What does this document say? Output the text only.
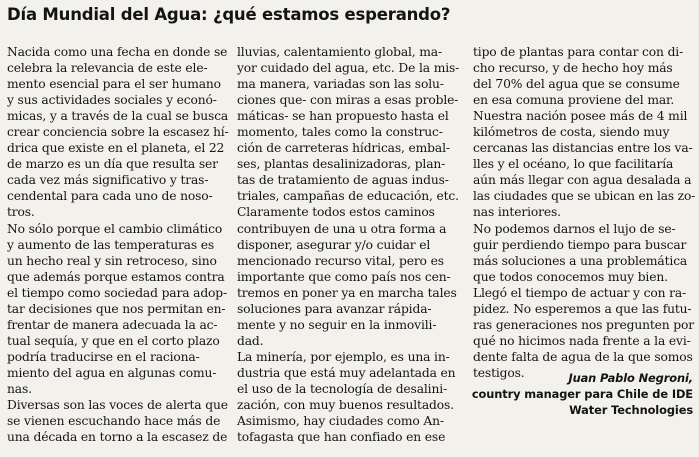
Día Mundial del Agua: ¿qué estamos esperando?
Nacida como una fecha en donde se
celebra la relevancia de este ele-
mento esencial para el ser humano
y sus actividades sociales y econó-
micas, y a través de la cual se busca
crear conciencia sobre la escasez hí-
drica que existe en el planeta, el 22
de marzo es un día que resulta ser
cada vez más significativo y tras-
cendental para cada uno de noso-
tros.
No sólo porque el cambio climático
y aumento de las temperaturas es
un hecho real y sin retroceso, sino
que además porque estamos contra
el tiempo como sociedad para adop-
tar decisiones que nos permitan en-
frentar de manera adecuada la ac-
tual sequía, y que en el corto plazo
podría traducirse en el raciona-
miento del agua en algunas comu-
nas.
Diversas son las voces de alerta que
se vienen escuchando hace más de
una década en torno a la escasez de
lluvias, calentamiento global, ma-
yor cuidado del agua, etc. De la mis-
ma manera, variadas son las solu-
ciones que- con miras a esas proble-
máticas- se han propuesto hasta el
momento, tales como la construc-
ción de carreteras hídricas, embal-
ses, plantas desalinizadoras, plan-
tas de tratamiento de aguas indus-
triales, campañas de educación, etc.
Claramente todos estos caminos
contribuyen de una u otra forma a
disponer, asegurar y/o cuidar el
mencionado recurso vital, pero es
importante que como país nos cen-
tremos en poner ya en marcha tales
soluciones para avanzar rápida-
mente y no seguir en la inmovili-
dad.
La minería, por ejemplo, es una in-
dustria que está muy adelantada en
el uso de la tecnología de desalini-
zación, con muy buenos resultados.
Asimismo, hay ciudades como An-
tofagasta que han confiado en ese
tipo de plantas para contar con di-
cho recurso, y de hecho hoy más
del 70% del agua que se consume
en esa comuna proviene del mar.
Nuestra nación posee más de 4 mil
kilómetros de costa, siendo muy
cercanas las distancias entre los va-
lles y el océano, lo que facilitaría
aún más llegar con agua desalada a
las ciudades que se ubican en las zo-
nas interiores.
No podemos darnos el lujo de se-
guir perdiendo tiempo para buscar
más soluciones a una problemática
que todos conocemos muy bien.
Llegó el tiempo de actuar y con ra-
pidez. No esperemos a que las futu-
ras generaciones nos pregunten por
qué no hicimos nada frente a la evi-
dente falta de agua de la que somos
testigos.	Juan Pablo Negroni,
country manager para Chile de IDE
Water Technologies
